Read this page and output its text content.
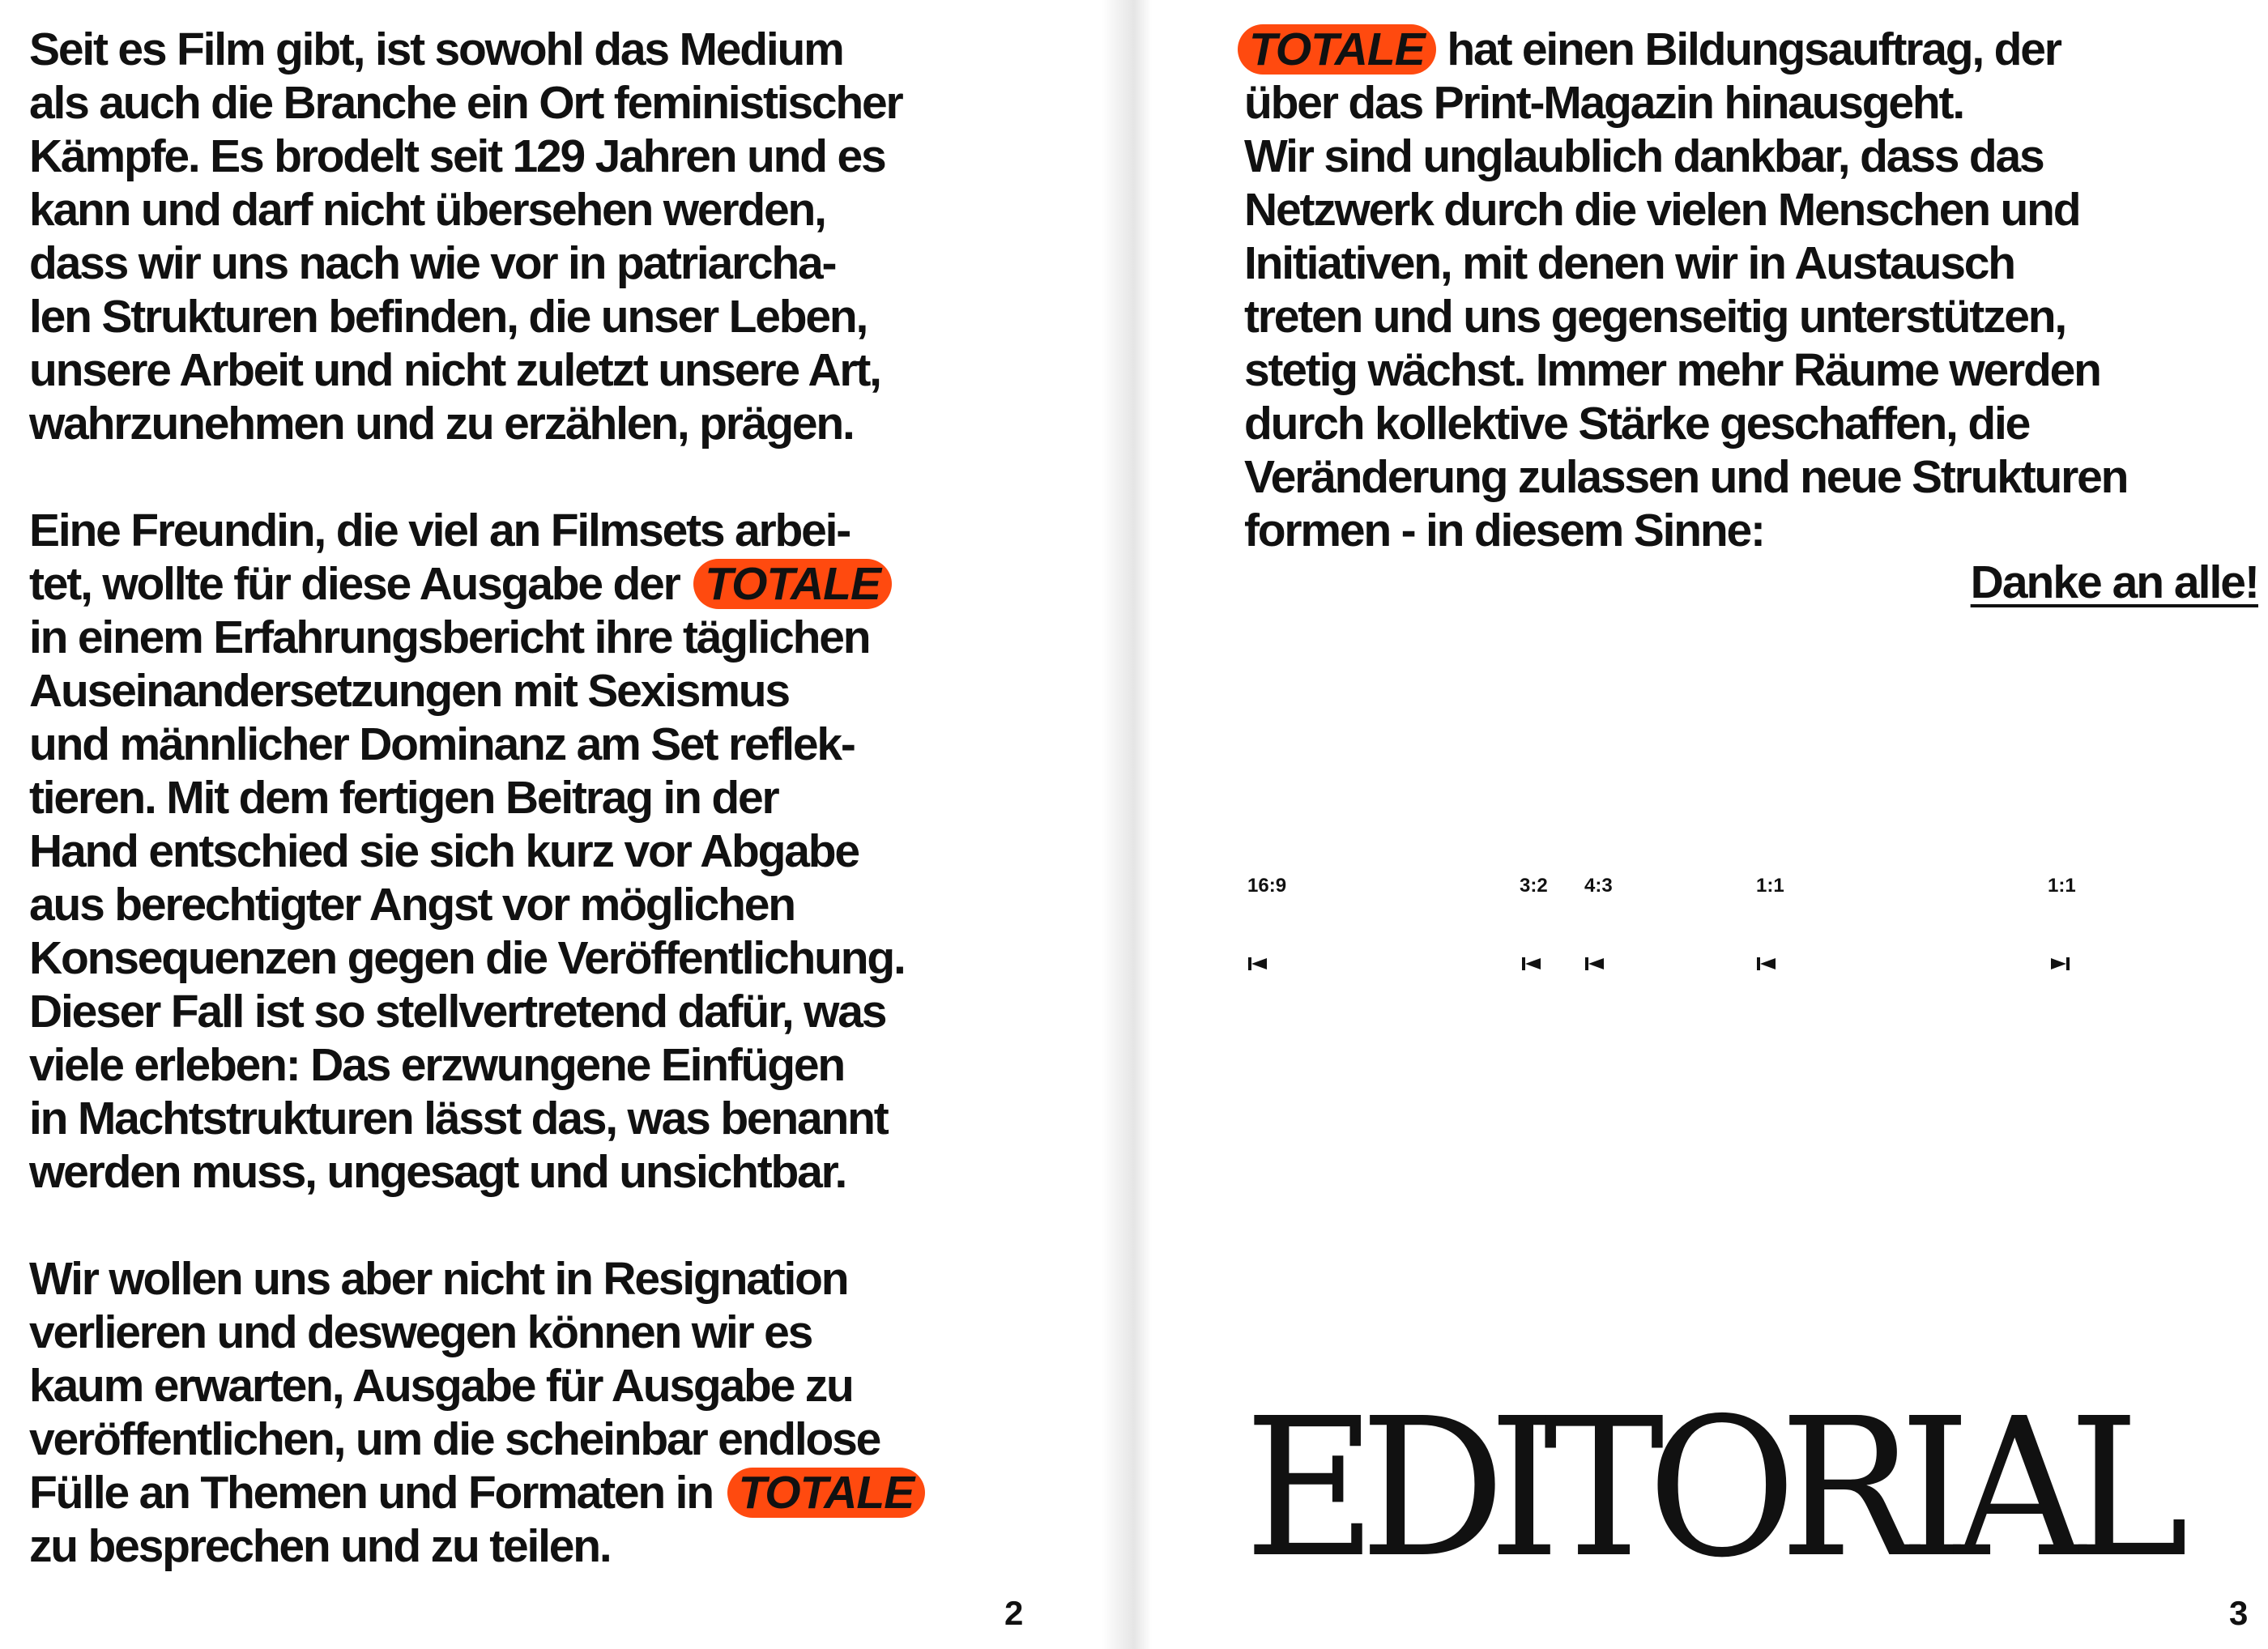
Seit es Film gibt, ist sowohl das Medium
als auch die Branche ein Ort feministischer
Kämpfe. Es brodelt seit 129 Jahren und es
kann und darf nicht übersehen werden,
dass wir uns nach wie vor in patriarcha-
len Strukturen befinden, die unser Leben,
unsere Arbeit und nicht zuletzt unsere Art,
wahrzunehmen und zu erzählen, prägen.

Eine Freundin, die viel an Filmsets arbei-
tet, wollte für diese Ausgabe der TOTALE
in einem Erfahrungsbericht ihre täglichen
Auseinandersetzungen mit Sexismus
und männlicher Dominanz am Set reflek-
tieren. Mit dem fertigen Beitrag in der
Hand entschied sie sich kurz vor Abgabe
aus berechtigter Angst vor möglichen
Konsequenzen gegen die Veröffentlichung.
Dieser Fall ist so stellvertretend dafür, was
viele erleben: Das erzwungene Einfügen
in Machtstrukturen lässt das, was benannt
werden muss, ungesagt und unsichtbar.

Wir wollen uns aber nicht in Resignation
verlieren und deswegen können wir es
kaum erwarten, Ausgabe für Ausgabe zu
veröffentlichen, um die scheinbar endlose
Fülle an Themen und Formaten in TOTALE
zu besprechen und zu teilen.

2

TOTALE hat einen Bildungsauftrag, der
über das Print-Magazin hinausgeht.
Wir sind unglaublich dankbar, dass das
Netzwerk durch die vielen Menschen und
Initiativen, mit denen wir in Austausch
treten und uns gegenseitig unterstützen,
stetig wächst. Immer mehr Räume werden
durch kollektive Stärke geschaffen, die
Veränderung zulassen und neue Strukturen
formen - in diesem Sinne:

Danke an alle!
16:9	3:2 4:3	1:1	1:1
EDITORIAL
3
